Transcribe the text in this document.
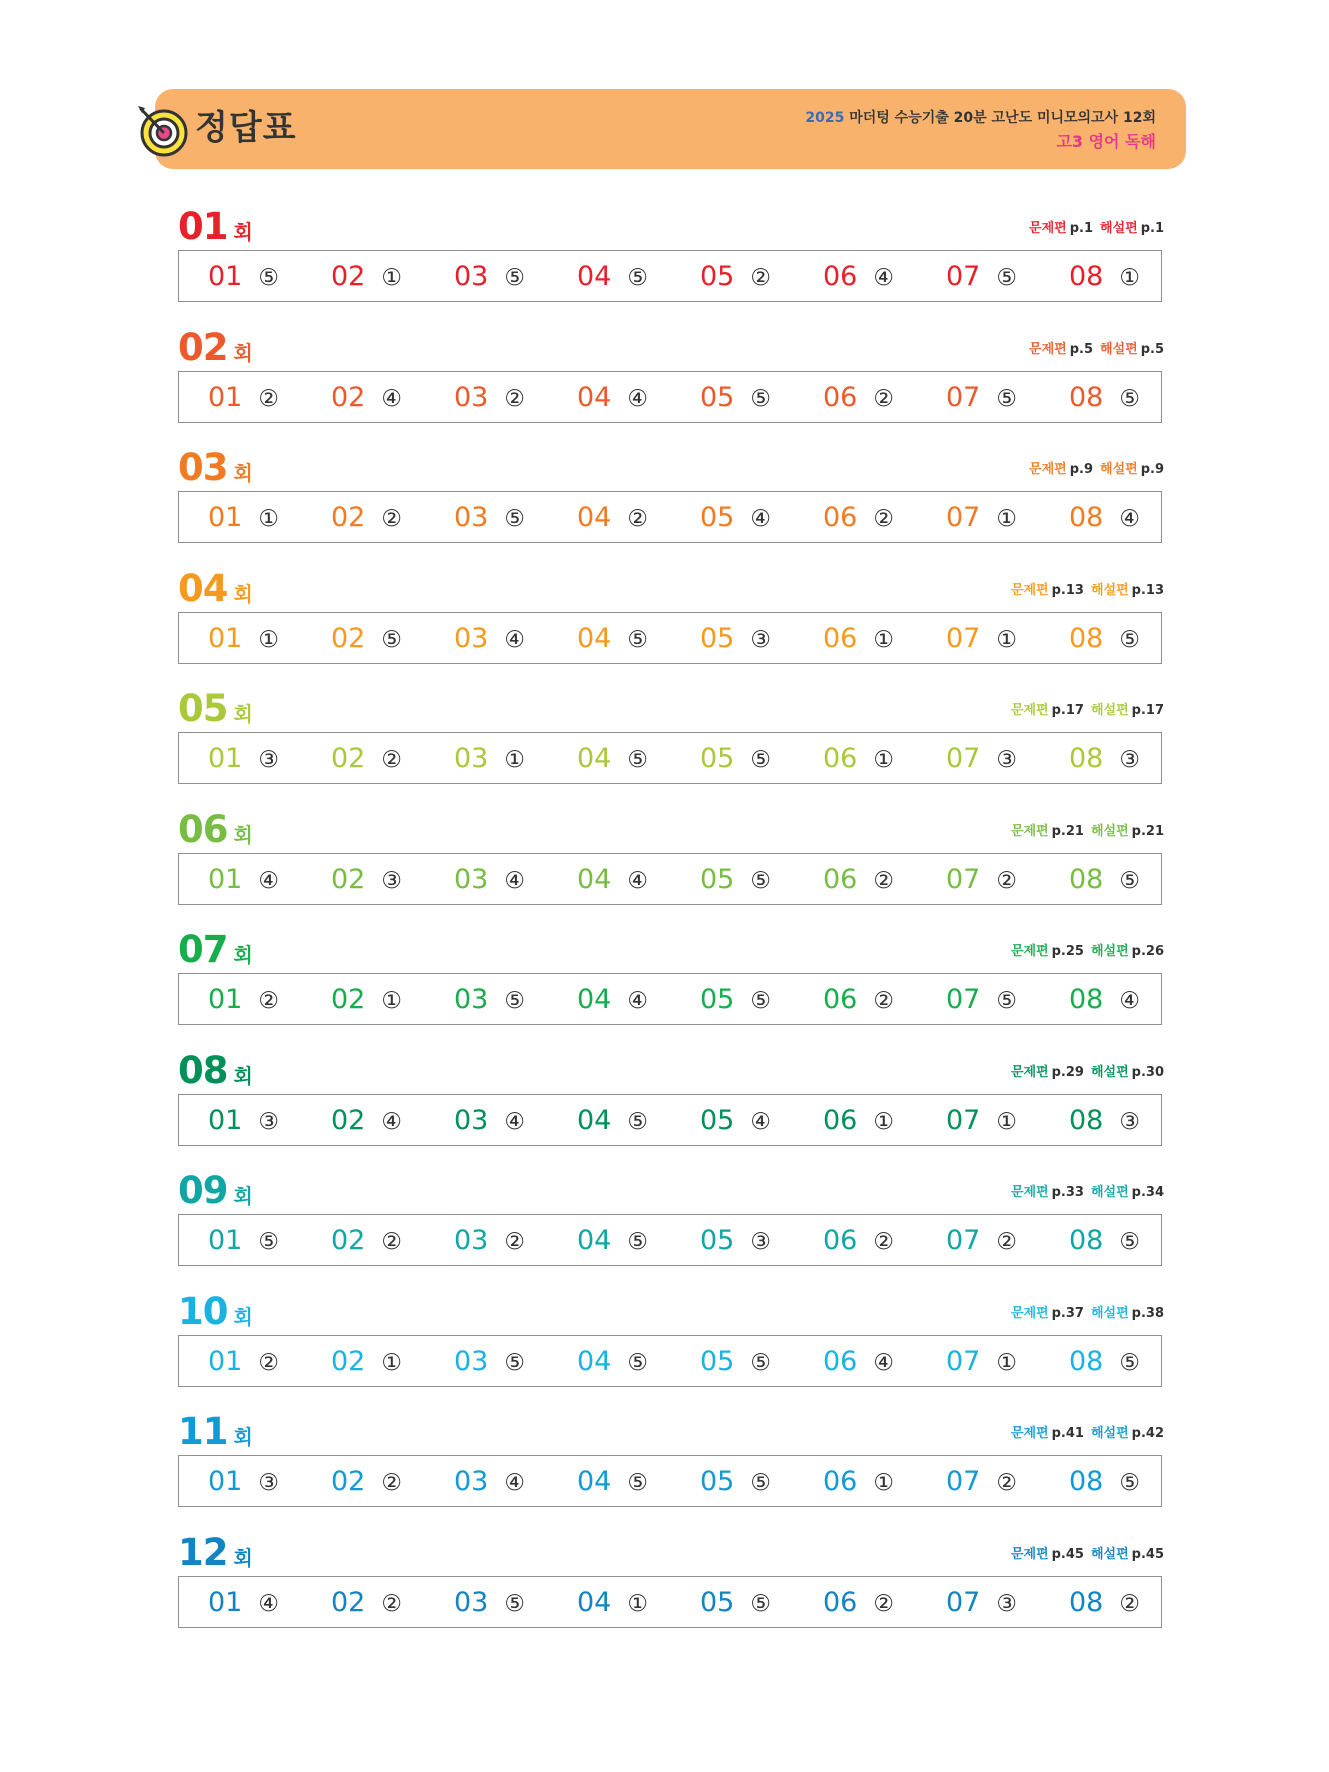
정답표	2025 마더텅 수능기출 20분 고난도 미니모의고사 12회
고3 영어 독해
01 회	문제편 p.1 해설편 p.1
01 ⑤ 02 ① 03 ⑤ 04 ⑤ 05 ② 06 ④ 07 ⑤ 08 ①
02 회	문제편 p.5 해설편 p.5
01 ② 02 ④ 03 ② 04 ④ 05 ⑤ 06 ② 07 ⑤ 08 ⑤
03 회	문제편 p.9 해설편 p.9
01 ① 02 ② 03 ⑤ 04 ② 05 ④ 06 ② 07 ① 08 ④
04 회	문제편 p.13 해설편 p.13
01 ① 02 ⑤ 03 ④ 04 ⑤ 05 ③ 06 ① 07 ① 08 ⑤
05 회	문제편 p.17 해설편 p.17
01 ③ 02 ② 03 ① 04 ⑤ 05 ⑤ 06 ① 07 ③ 08 ③
06 회	문제편 p.21 해설편 p.21
01 ④ 02 ③ 03 ④ 04 ④ 05 ⑤ 06 ② 07 ② 08 ⑤
07 회	문제편 p.25 해설편 p.26
01 ② 02 ① 03 ⑤ 04 ④ 05 ⑤ 06 ② 07 ⑤ 08 ④
08 회	문제편 p.29 해설편 p.30
01 ③ 02 ④ 03 ④ 04 ⑤ 05 ④ 06 ① 07 ① 08 ③
09 회	문제편 p.33 해설편 p.34
01 ⑤ 02 ② 03 ② 04 ⑤ 05 ③ 06 ② 07 ② 08 ⑤
10 회	문제편 p.37 해설편 p.38
01 ② 02 ① 03 ⑤ 04 ⑤ 05 ⑤ 06 ④ 07 ① 08 ⑤
11 회	문제편 p.41 해설편 p.42
01 ③ 02 ② 03 ④ 04 ⑤ 05 ⑤ 06 ① 07 ② 08 ⑤
12 회	문제편 p.45 해설편 p.45
01 ④ 02 ② 03 ⑤ 04 ① 05 ⑤ 06 ② 07 ③ 08 ②
